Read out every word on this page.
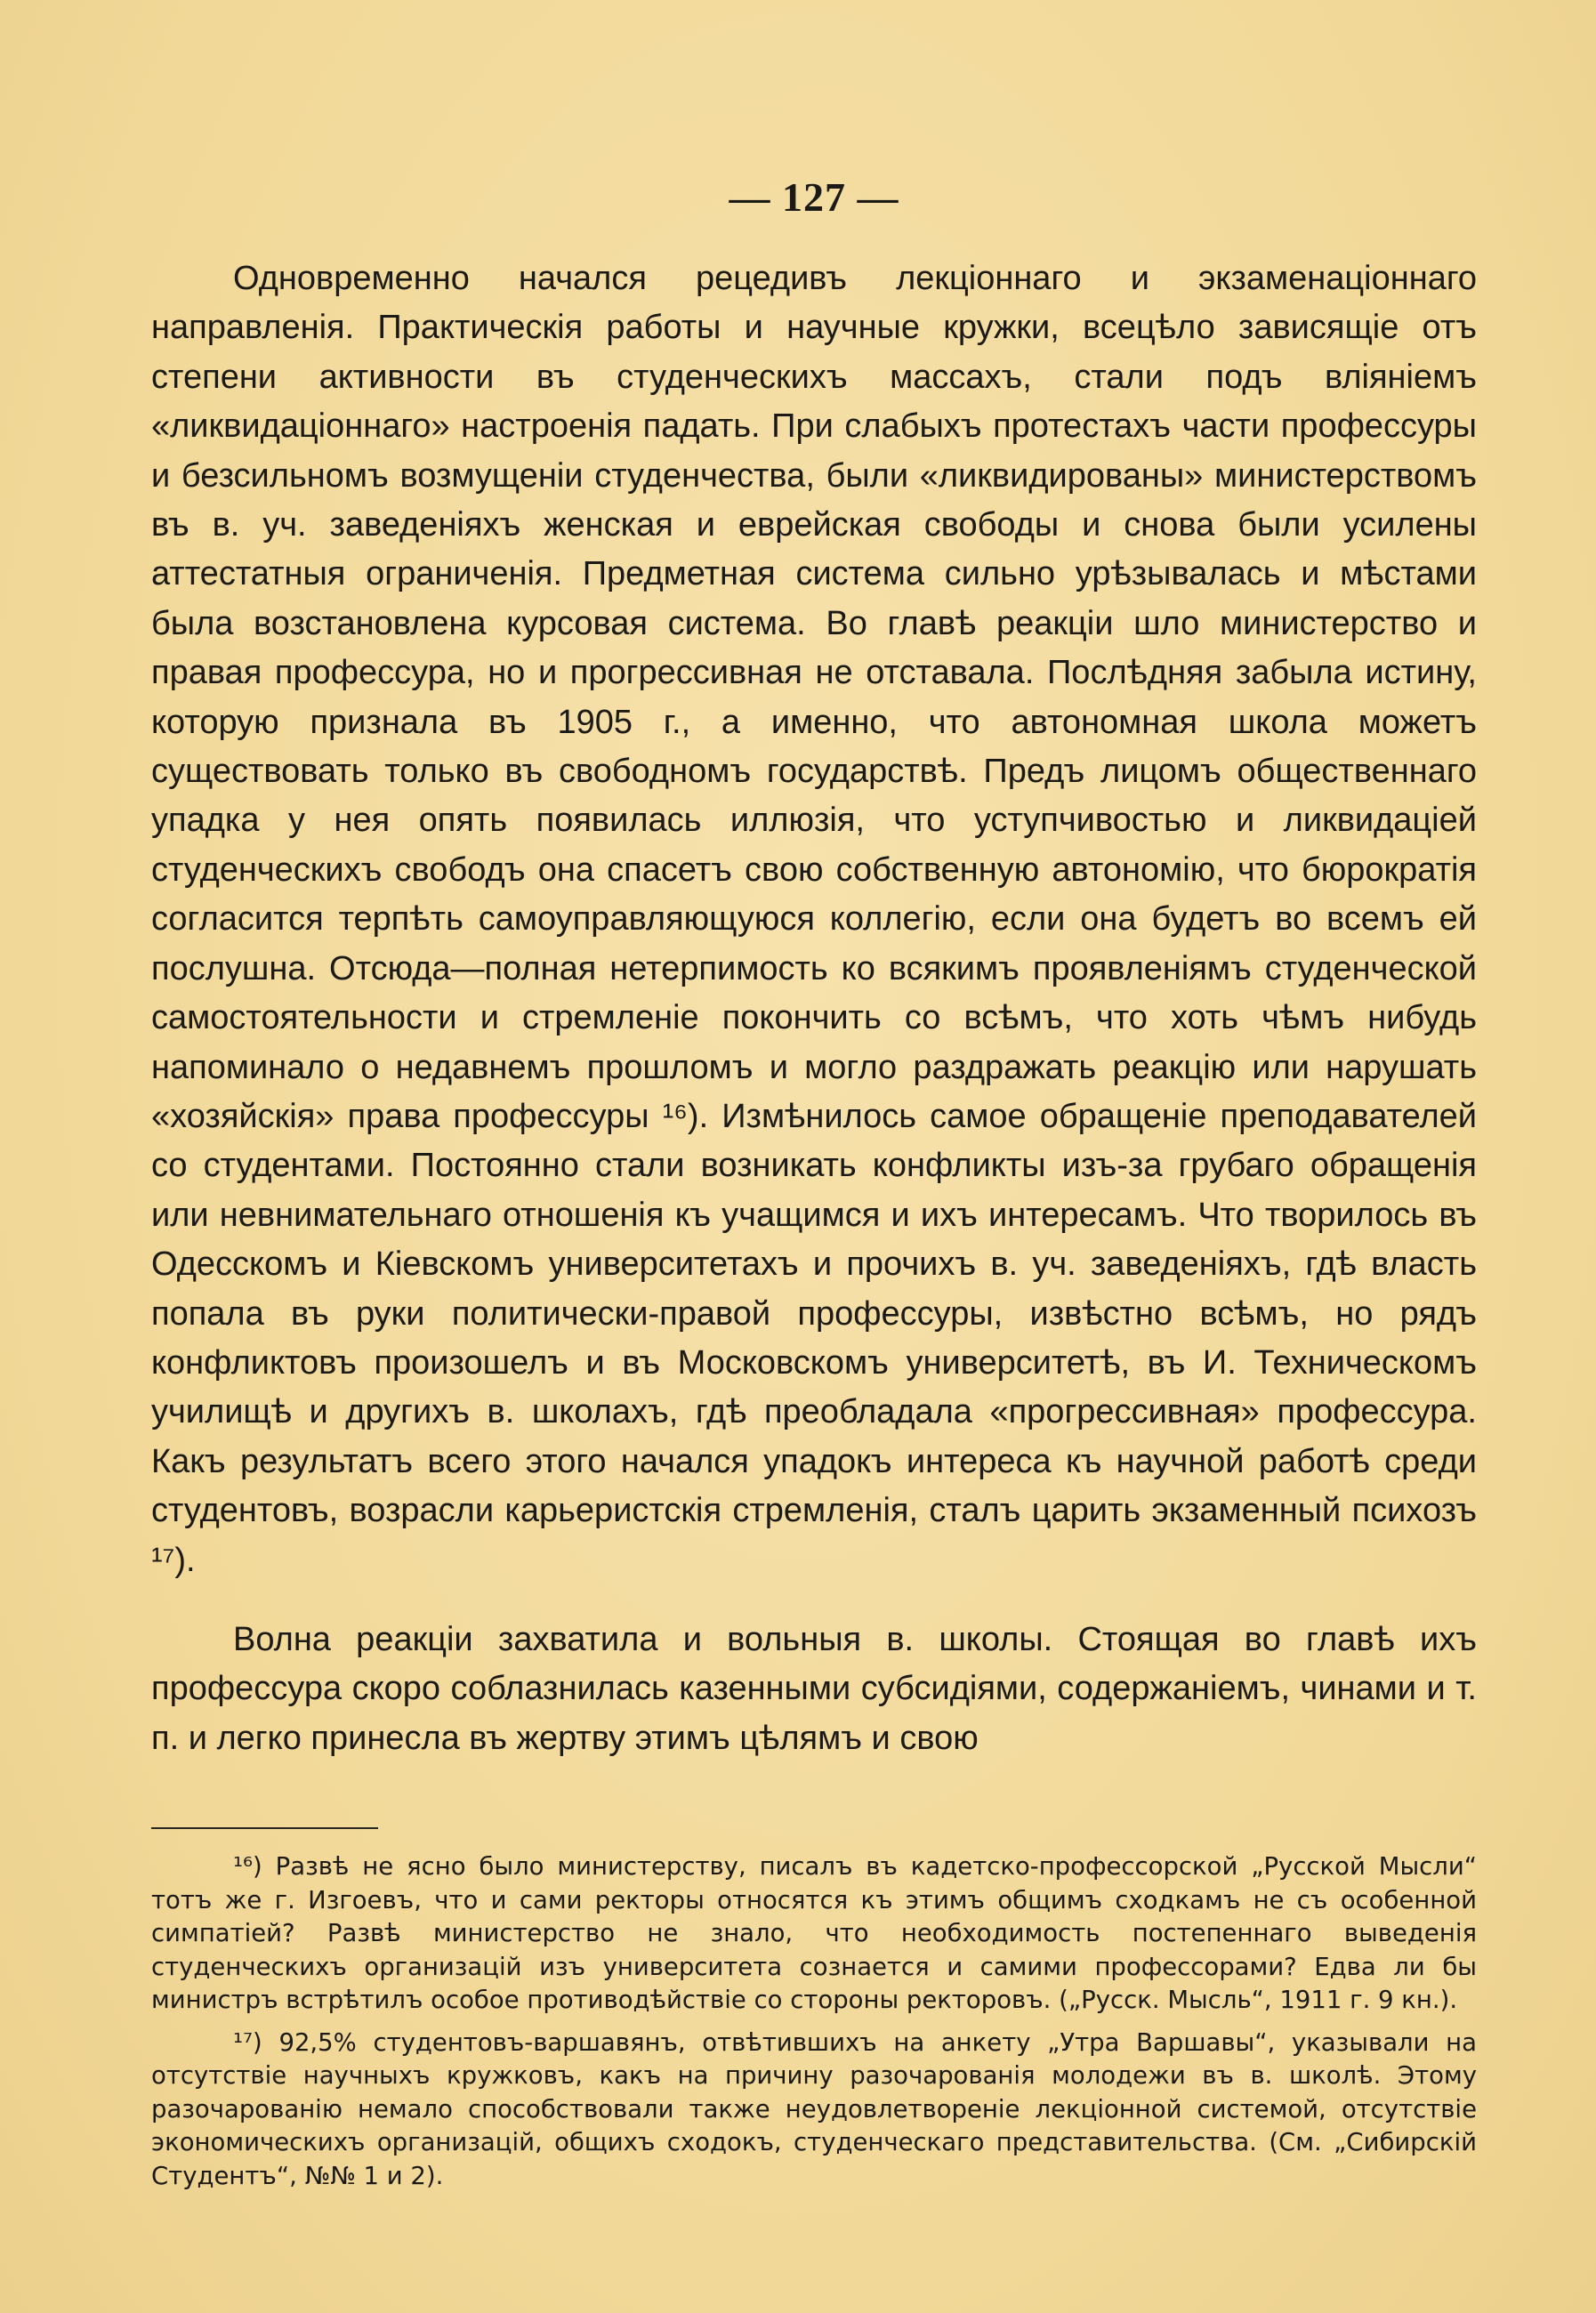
— 127 —

Одновременно начался рецедивъ лекціоннаго и экзаменаціоннаго направленія. Практическія работы и научные кружки, всецѣло зависящіе отъ степени активности въ студенческихъ массахъ, стали подъ вліяніемъ «ликвидаціоннаго» настроенія падать. При слабыхъ протестахъ части профессуры и безсильномъ возмущеніи студенчества, были «ликвидированы» министерствомъ въ в. уч. заведеніяхъ женская и еврейская свободы и снова были усилены аттестатныя ограниченія. Предметная система сильно урѣзывалась и мѣстами была возстановлена курсовая система. Во главѣ реакціи шло министерство и правая профессура, но и прогрессивная не отставала. Послѣдняя забыла истину, которую признала въ 1905 г., а именно, что автономная школа можетъ существовать только въ свободномъ государствѣ. Предъ лицомъ общественнаго упадка у нея опять появилась иллюзія, что уступчивостью и ликвидаціей студенческихъ свободъ она спасетъ свою собственную автономію, что бюрократія согласится терпѣть самоуправляющуюся коллегію, если она будетъ во всемъ ей послушна. Отсюда—полная нетерпимость ко всякимъ проявленіямъ студенческой самостоятельности и стремленіе покончить со всѣмъ, что хоть чѣмъ нибудь напоминало о недавнемъ прошломъ и могло раздражать реакцію или нарушать «хозяйскія» права профессуры ¹⁶). Измѣнилось самое обращеніе преподавателей со студентами. Постоянно стали возникать конфликты изъ-за грубаго обращенія или невнимательнаго отношенія къ учащимся и ихъ интересамъ. Что творилось въ Одесскомъ и Кіевскомъ университетахъ и прочихъ в. уч. заведеніяхъ, гдѣ власть попала въ руки политически-правой профессуры, извѣстно всѣмъ, но рядъ конфликтовъ произошелъ и въ Московскомъ университетѣ, въ И. Техническомъ училищѣ и другихъ в. школахъ, гдѣ преобладала «прогрессивная» профессура. Какъ результатъ всего этого начался упадокъ интереса къ научной работѣ среди студентовъ, возрасли карьеристскія стремленія, сталъ царить экзаменный психозъ ¹⁷).

Волна реакціи захватила и вольныя в. школы. Стоящая во главѣ ихъ профессура скоро соблазнилась казенными субсидіями, содержаніемъ, чинами и т. п. и легко принесла въ жертву этимъ цѣлямъ и свою

¹⁶) Развѣ не ясно было министерству, писалъ въ кадетско-профессорской „Русской Мысли“ тотъ же г. Изгоевъ, что и сами ректоры относятся къ этимъ общимъ сходкамъ не съ особенной симпатіей? Развѣ министерство не знало, что необходимость постепеннаго выведенія студенческихъ организацій изъ университета сознается и самими профессорами? Едва ли бы министръ встрѣтилъ особое противодѣйствіе со стороны ректоровъ. („Русск. Мысль“, 1911 г. 9 кн.).

¹⁷) 92,5% студентовъ-варшавянъ, отвѣтившихъ на анкету „Утра Варшавы“, указывали на отсутствіе научныхъ кружковъ, какъ на причину разочарованія молодежи въ в. школѣ. Этому разочарованію немало способствовали также неудовлетвореніе лекціонной системой, отсутствіе экономическихъ организацій, общихъ сходокъ, студенческаго представительства. (См. „Сибирскій Студентъ“, №№ 1 и 2).
